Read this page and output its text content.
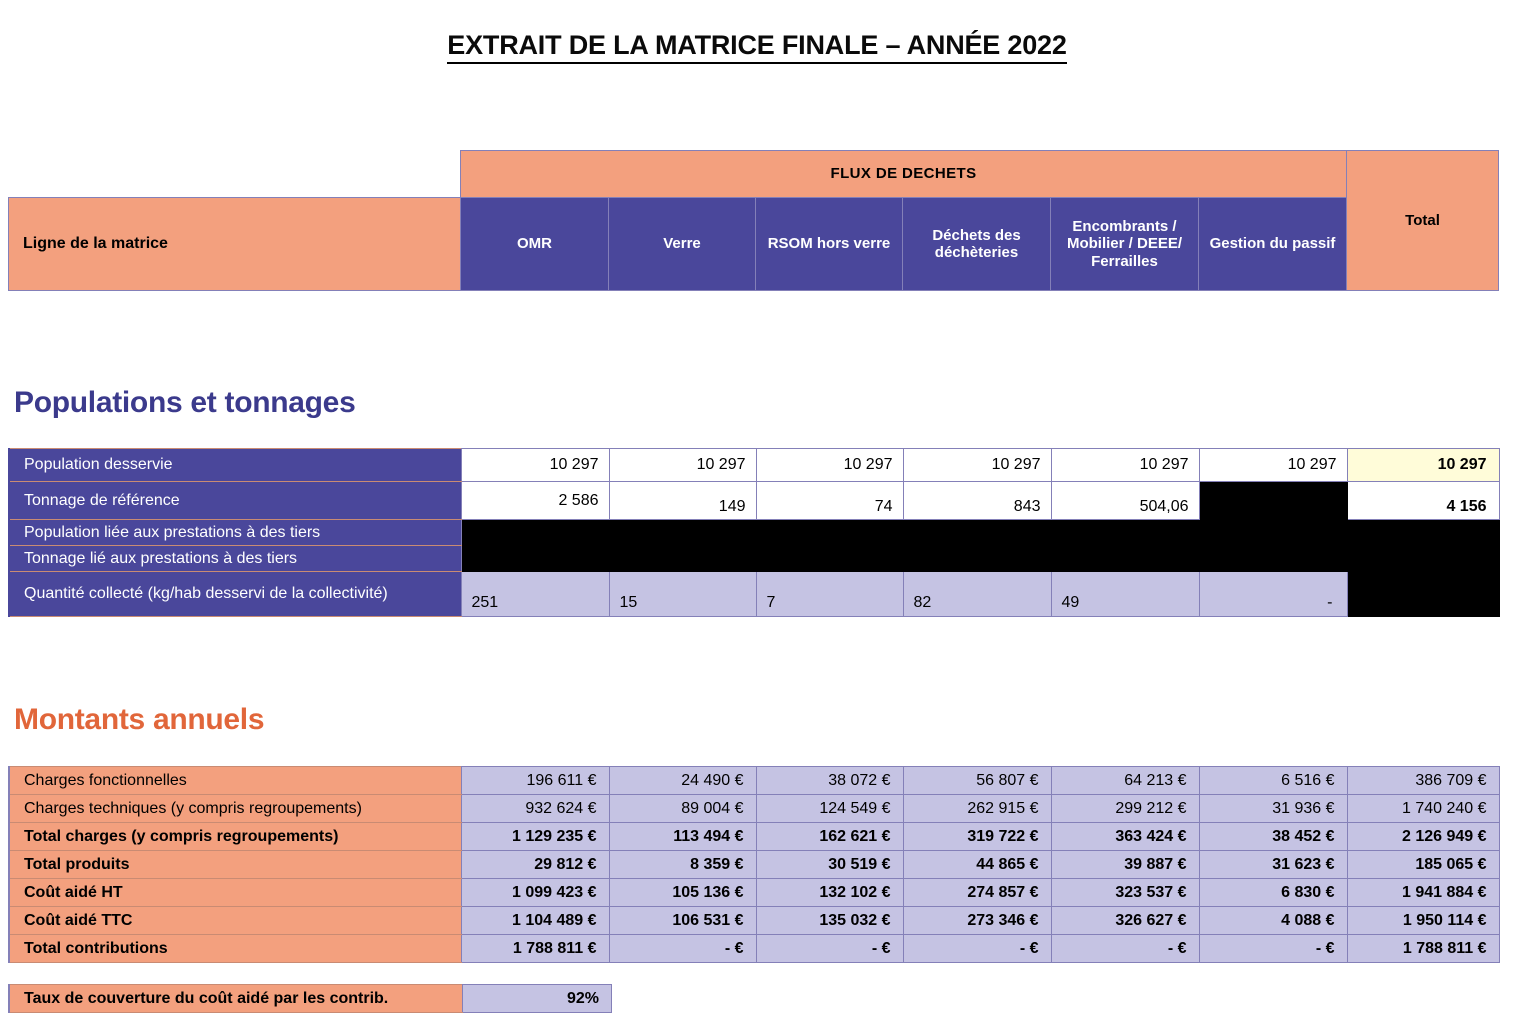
EXTRAIT DE LA MATRICE FINALE – ANNÉE 2022
	FLUX DE DECHETS						Total
Ligne de la matrice	OMR	Verre	RSOM hors verre	Déchets des déchèteries	Encombrants / Mobilier / DEEE/ Ferrailles	Gestion du passif	
Populations et tonnages
Population desservie	10 297	10 297	10 297	10 297	10 297	10 297	10 297
Tonnage de référence	2 586	149	74	843	504,06		4 156
Population liée aux prestations à des tiers							
Tonnage lié aux prestations à des tiers							
Quantité collecté (kg/hab desservi de la collectivité)	251	15	7	82	49	-	
Montants annuels
Charges fonctionnelles	196 611 €	24 490 €	38 072 €	56 807 €	64 213 €	6 516 €	386 709 €
Charges techniques (y compris regroupements)	932 624 €	89 004 €	124 549 €	262 915 €	299 212 €	31 936 €	1 740 240 €
Total charges (y compris regroupements)	1 129 235 €	113 494 €	162 621 €	319 722 €	363 424 €	38 452 €	2 126 949 €
Total produits	29 812 €	8 359 €	30 519 €	44 865 €	39 887 €	31 623 €	185 065 €
Coût aidé HT	1 099 423 €	105 136 €	132 102 €	274 857 €	323 537 €	6 830 €	1 941 884 €
Coût aidé TTC	1 104 489 €	106 531 €	135 032 €	273 346 €	326 627 €	4 088 €	1 950 114 €
Total contributions	1 788 811 €	- €	- €	- €	- €	- €	1 788 811 €
Taux de couverture du coût aidé par les contrib.	92%
